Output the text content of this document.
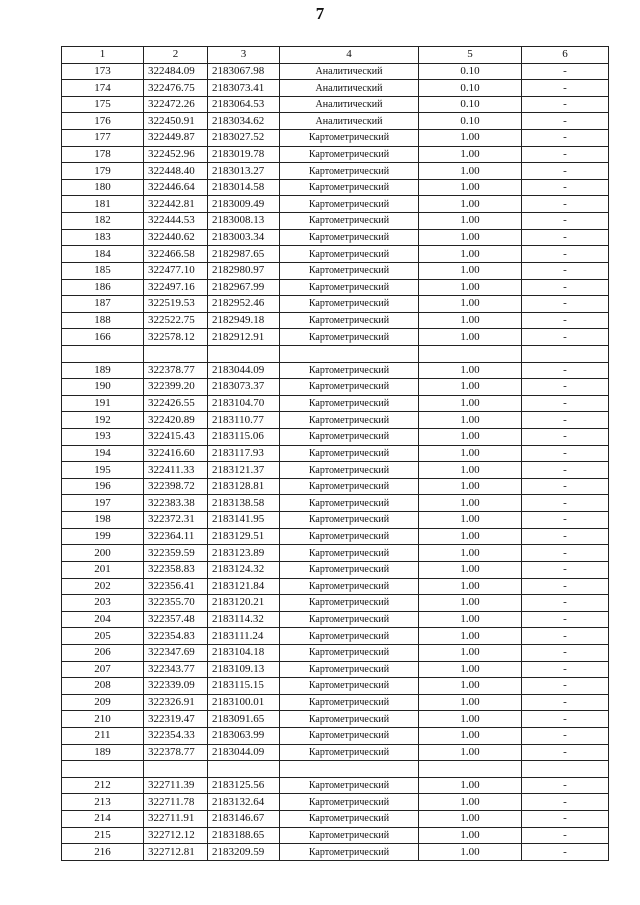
7
1	2	3	4	5	6
173	322484.09	2183067.98	Аналитический	0.10	-
174	322476.75	2183073.41	Аналитический	0.10	-
175	322472.26	2183064.53	Аналитический	0.10	-
176	322450.91	2183034.62	Аналитический	0.10	-
177	322449.87	2183027.52	Картометрический	1.00	-
178	322452.96	2183019.78	Картометрический	1.00	-
179	322448.40	2183013.27	Картометрический	1.00	-
180	322446.64	2183014.58	Картометрический	1.00	-
181	322442.81	2183009.49	Картометрический	1.00	-
182	322444.53	2183008.13	Картометрический	1.00	-
183	322440.62	2183003.34	Картометрический	1.00	-
184	322466.58	2182987.65	Картометрический	1.00	-
185	322477.10	2182980.97	Картометрический	1.00	-
186	322497.16	2182967.99	Картометрический	1.00	-
187	322519.53	2182952.46	Картометрический	1.00	-
188	322522.75	2182949.18	Картометрический	1.00	-
166	322578.12	2182912.91	Картометрический	1.00	-

189	322378.77	2183044.09	Картометрический	1.00	-
190	322399.20	2183073.37	Картометрический	1.00	-
191	322426.55	2183104.70	Картометрический	1.00	-
192	322420.89	2183110.77	Картометрический	1.00	-
193	322415.43	2183115.06	Картометрический	1.00	-
194	322416.60	2183117.93	Картометрический	1.00	-
195	322411.33	2183121.37	Картометрический	1.00	-
196	322398.72	2183128.81	Картометрический	1.00	-
197	322383.38	2183138.58	Картометрический	1.00	-
198	322372.31	2183141.95	Картометрический	1.00	-
199	322364.11	2183129.51	Картометрический	1.00	-
200	322359.59	2183123.89	Картометрический	1.00	-
201	322358.83	2183124.32	Картометрический	1.00	-
202	322356.41	2183121.84	Картометрический	1.00	-
203	322355.70	2183120.21	Картометрический	1.00	-
204	322357.48	2183114.32	Картометрический	1.00	-
205	322354.83	2183111.24	Картометрический	1.00	-
206	322347.69	2183104.18	Картометрический	1.00	-
207	322343.77	2183109.13	Картометрический	1.00	-
208	322339.09	2183115.15	Картометрический	1.00	-
209	322326.91	2183100.01	Картометрический	1.00	-
210	322319.47	2183091.65	Картометрический	1.00	-
211	322354.33	2183063.99	Картометрический	1.00	-
189	322378.77	2183044.09	Картометрический	1.00	-

212	322711.39	2183125.56	Картометрический	1.00	-
213	322711.78	2183132.64	Картометрический	1.00	-
214	322711.91	2183146.67	Картометрический	1.00	-
215	322712.12	2183188.65	Картометрический	1.00	-
216	322712.81	2183209.59	Картометрический	1.00	-
